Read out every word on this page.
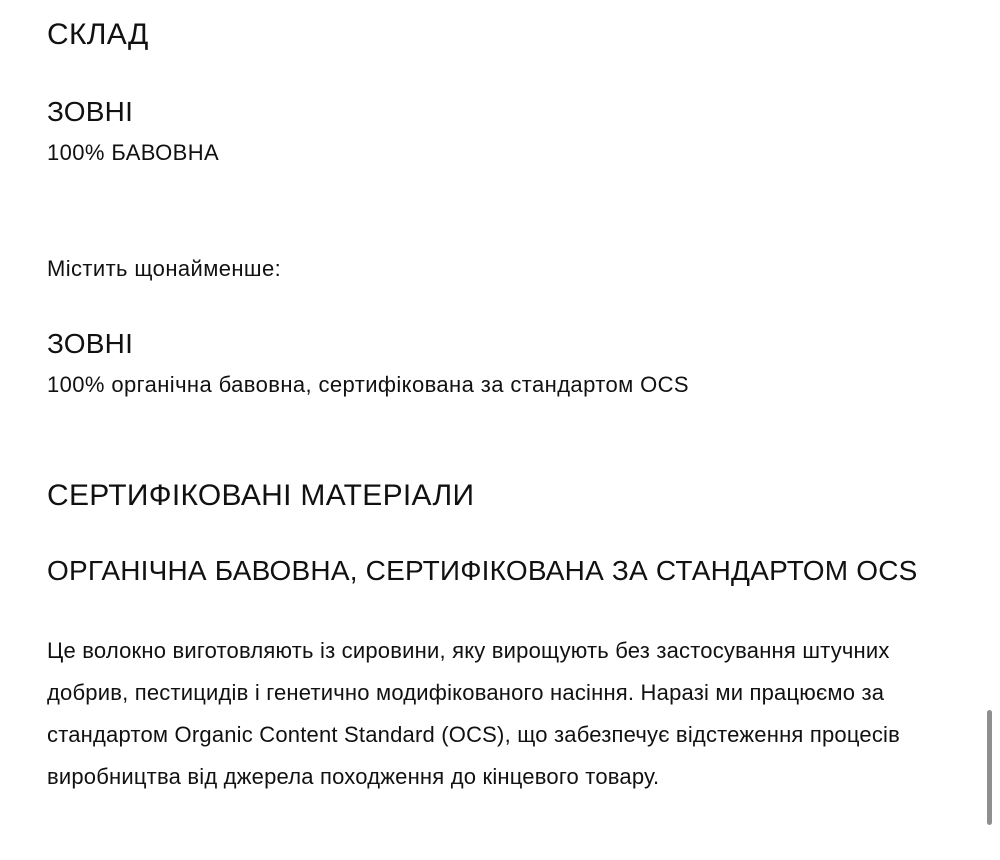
СКЛАД
ЗОВНІ
100% БАВОВНА
Містить щонайменше:
ЗОВНІ
100% органічна бавовна, сертифікована за стандартом OCS
СЕРТИФІКОВАНІ МАТЕРІАЛИ
ОРГАНІЧНА БАВОВНА, СЕРТИФІКОВАНА ЗА СТАНДАРТОМ OCS
Це волокно виготовляють із сировини, яку вирощують без застосування штучних добрив, пестицидів і генетично модифікованого насіння. Наразі ми працюємо за стандартом Organic Content Standard (OCS), що забезпечує відстеження процесів виробництва від джерела походження до кінцевого товару.
